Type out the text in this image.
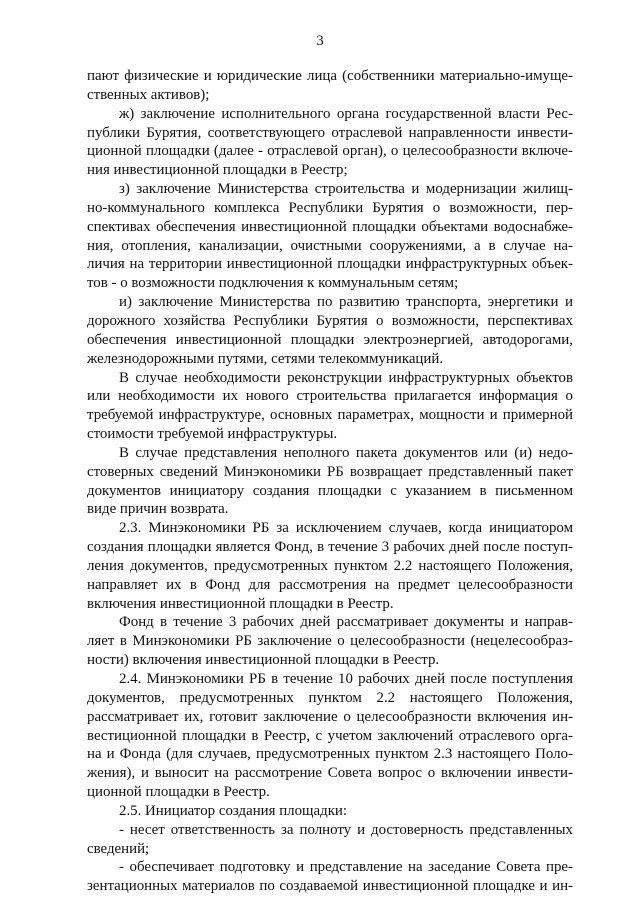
3
пают физические и юридические лица (собственники материально-имуще-
ственных активов);
ж) заключение исполнительного органа государственной власти Рес-
публики Бурятия, соответствующего отраслевой направленности инвести-
ционной площадки (далее - отраслевой орган), о целесообразности включе-
ния инвестиционной площадки в Реестр;
з) заключение Министерства строительства и модернизации жилищ-
но-коммунального комплекса Республики Бурятия о возможности, пер-
спективах обеспечения инвестиционной площадки объектами водоснабже-
ния, отопления, канализации, очистными сооружениями, а в случае на-
личия на территории инвестиционной площадки инфраструктурных объек-
тов - о возможности подключения к коммунальным сетям;
и) заключение Министерства по развитию транспорта, энергетики и
дорожного хозяйства Республики Бурятия о возможности, перспективах
обеспечения инвестиционной площадки электроэнергией, автодорогами,
железнодорожными путями, сетями телекоммуникаций.
В случае необходимости реконструкции инфраструктурных объектов
или необходимости их нового строительства прилагается информация о
требуемой инфраструктуре, основных параметрах, мощности и примерной
стоимости требуемой инфраструктуры.
В случае представления неполного пакета документов или (и) недо-
стоверных сведений Минэкономики РБ возвращает представленный пакет
документов инициатору создания площадки с указанием в письменном
виде причин возврата.
2.3. Минэкономики РБ за исключением случаев, когда инициатором
создания площадки является Фонд, в течение 3 рабочих дней после поступ-
ления документов, предусмотренных пунктом 2.2 настоящего Положения,
направляет их в Фонд для рассмотрения на предмет целесообразности
включения инвестиционной площадки в Реестр.
Фонд в течение 3 рабочих дней рассматривает документы и направ-
ляет в Минэкономики РБ заключение о целесообразности (нецелесообраз-
ности) включения инвестиционной площадки в Реестр.
2.4. Минэкономики РБ в течение 10 рабочих дней после поступления
документов, предусмотренных пунктом 2.2 настоящего Положения,
рассматривает их, готовит заключение о целесообразности включения ин-
вестиционной площадки в Реестр, с учетом заключений отраслевого орга-
на и Фонда (для случаев, предусмотренных пунктом 2.3 настоящего Поло-
жения), и выносит на рассмотрение Совета вопрос о включении инвести-
ционной площадки в Реестр.
2.5. Инициатор создания площадки:
- несет ответственность за полноту и достоверность представленных
сведений;
- обеспечивает подготовку и представление на заседание Совета пре-
зентационных материалов по создаваемой инвестиционной площадке и ин-
